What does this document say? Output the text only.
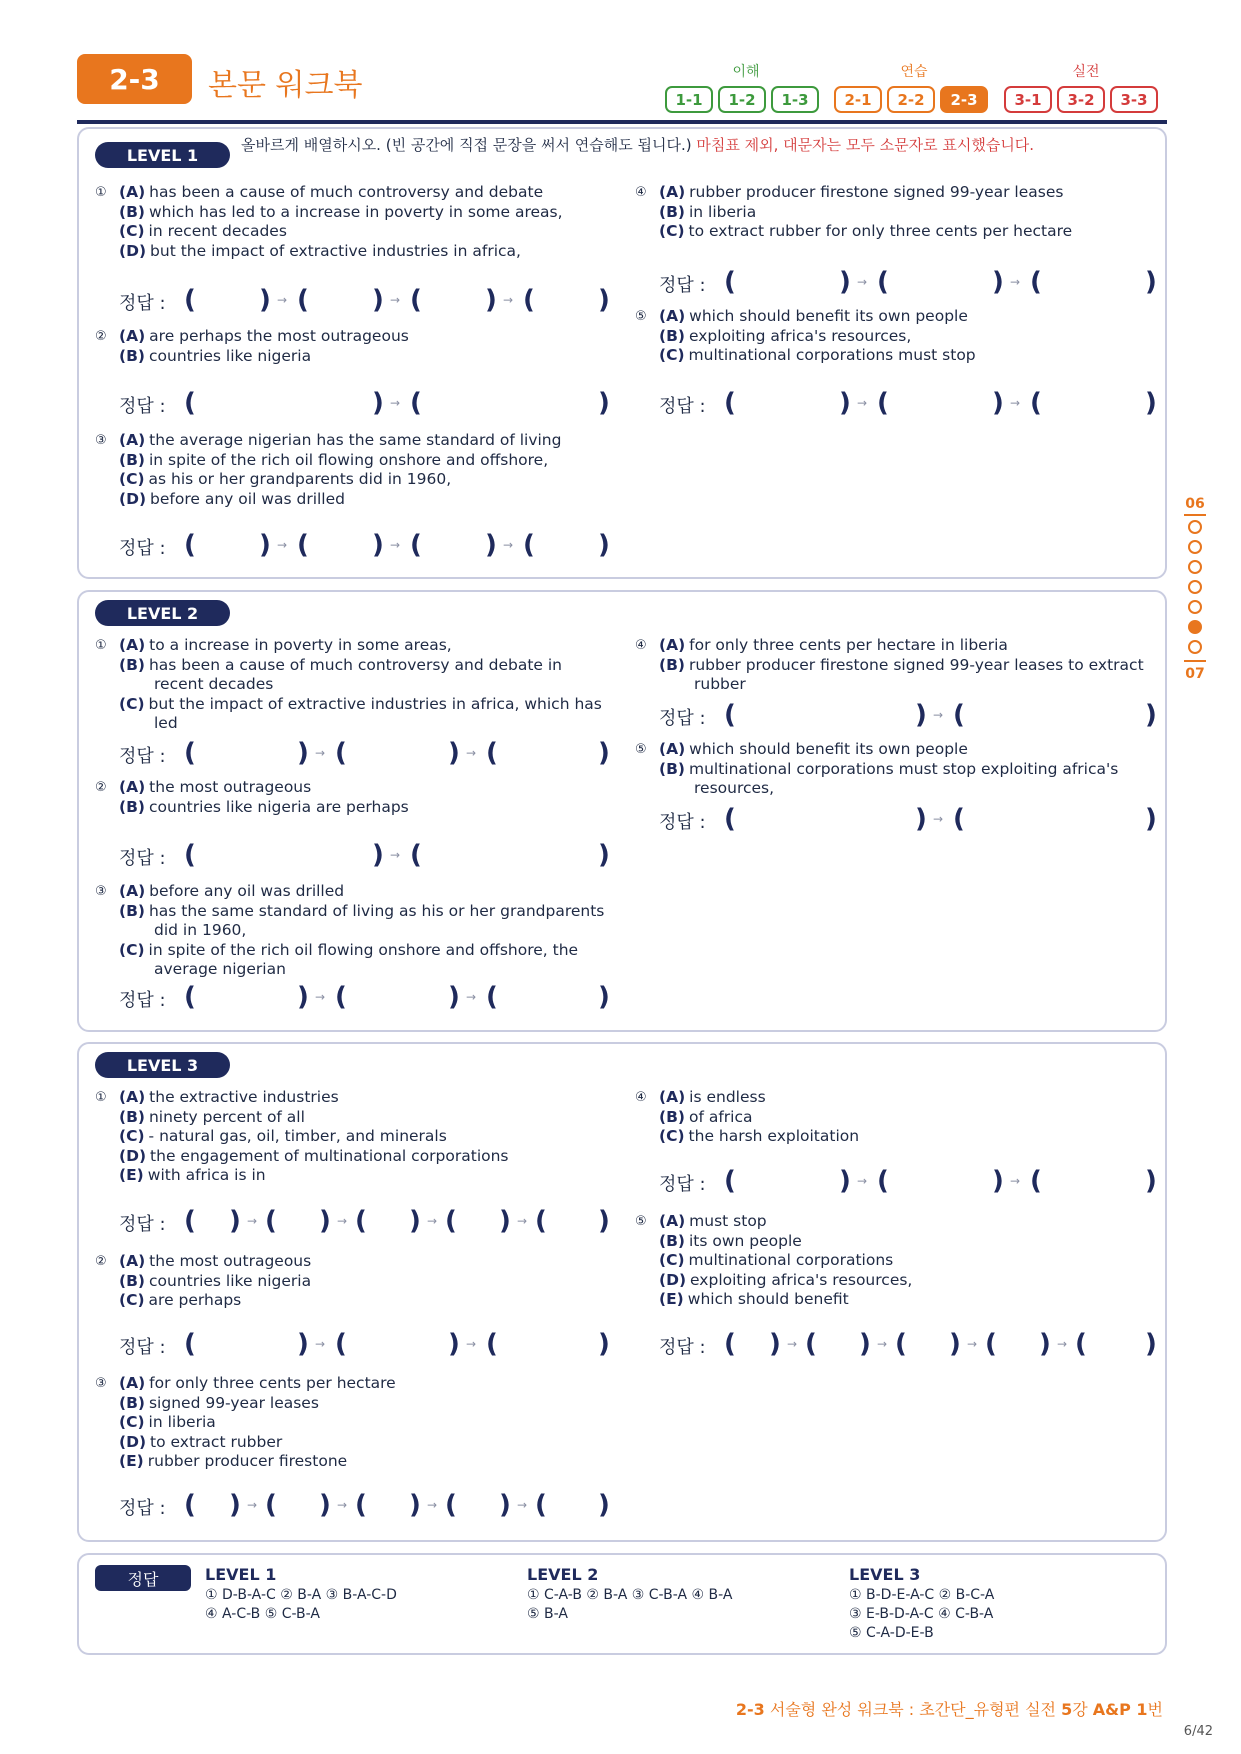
2-3	본문 워크북	이해	연습	실전
1-1	1-2	1-3	2-1	2-2	2-3	3-1	3-2	3-3
LEVEL 1
올바르게 배열하시오. (빈 공간에 직접 문장을 써서 연습해도 됩니다.) 마침표 제외, 대문자는 모두 소문자로 표시했습니다.
① (A) has been a cause of much controversy and debate
(B) which has led to a increase in poverty in some areas,
(C) in recent decades
(D) but the impact of extractive industries in africa,
정답 : ( ) → ( ) → ( ) → ( )
② (A) are perhaps the most outrageous
(B) countries like nigeria
정답 : (	) → (	)
③ (A) the average nigerian has the same standard of living
(B) in spite of the rich oil flowing onshore and offshore,
(C) as his or her grandparents did in 1960,
(D) before any oil was drilled
정답 : ( ) → ( ) → ( ) → ( )
④ (A) rubber producer firestone signed 99-year leases
(B) in liberia
(C) to extract rubber for only three cents per hectare
정답 : (	) → (	) → (	)
⑤ (A) which should benefit its own people
(B) exploiting africa's resources,
(C) multinational corporations must stop
정답 : (	) → (	) → (	)
LEVEL 2
① (A) to a increase in poverty in some areas,
(B) has been a cause of much controversy and debate in recent decades
(C) but the impact of extractive industries in africa, which has led
정답 : (	) → (	) → (	)
② (A) the most outrageous
(B) countries like nigeria are perhaps
정답 : (	) → (	)
③ (A) before any oil was drilled
(B) has the same standard of living as his or her grandparents did in 1960,
(C) in spite of the rich oil flowing onshore and offshore, the average nigerian
정답 : (	) → (	) → (	)
④ (A) for only three cents per hectare in liberia
(B) rubber producer firestone signed 99-year leases to extract rubber
정답 : (	) → (	)
⑤ (A) which should benefit its own people
(B) multinational corporations must stop exploiting africa's resources,
정답 : (	) → (	)
LEVEL 3
① (A) the extractive industries
(B) ninety percent of all
(C) - natural gas, oil, timber, and minerals
(D) the engagement of multinational corporations
(E) with africa is in
정답 : ( ) → ( ) → ( ) → ( ) → ( )
② (A) the most outrageous
(B) countries like nigeria
(C) are perhaps
정답 : (	) → (	) → (	)
③ (A) for only three cents per hectare
(B) signed 99-year leases
(C) in liberia
(D) to extract rubber
(E) rubber producer firestone
정답 : ( ) → ( ) → ( ) → ( ) → ( )
④ (A) is endless
(B) of africa
(C) the harsh exploitation
정답 : (	) → (	) → (	)
⑤ (A) must stop
(B) its own people
(C) multinational corporations
(D) exploiting africa's resources,
(E) which should benefit
정답 : ( ) → ( ) → ( ) → ( ) → ( )
정답	LEVEL 1
① D-B-A-C ② B-A ③ B-A-C-D
④ A-C-B ⑤ C-B-A
LEVEL 2
① C-A-B ② B-A ③ C-B-A ④ B-A
⑤ B-A
LEVEL 3
① B-D-E-A-C ② B-C-A
③ E-B-D-A-C ④ C-B-A
⑤ C-A-D-E-B
06
07
2-3 서술형 완성 워크북 : 초간단_유형편 실전 5강 A&P 1번
6/42
